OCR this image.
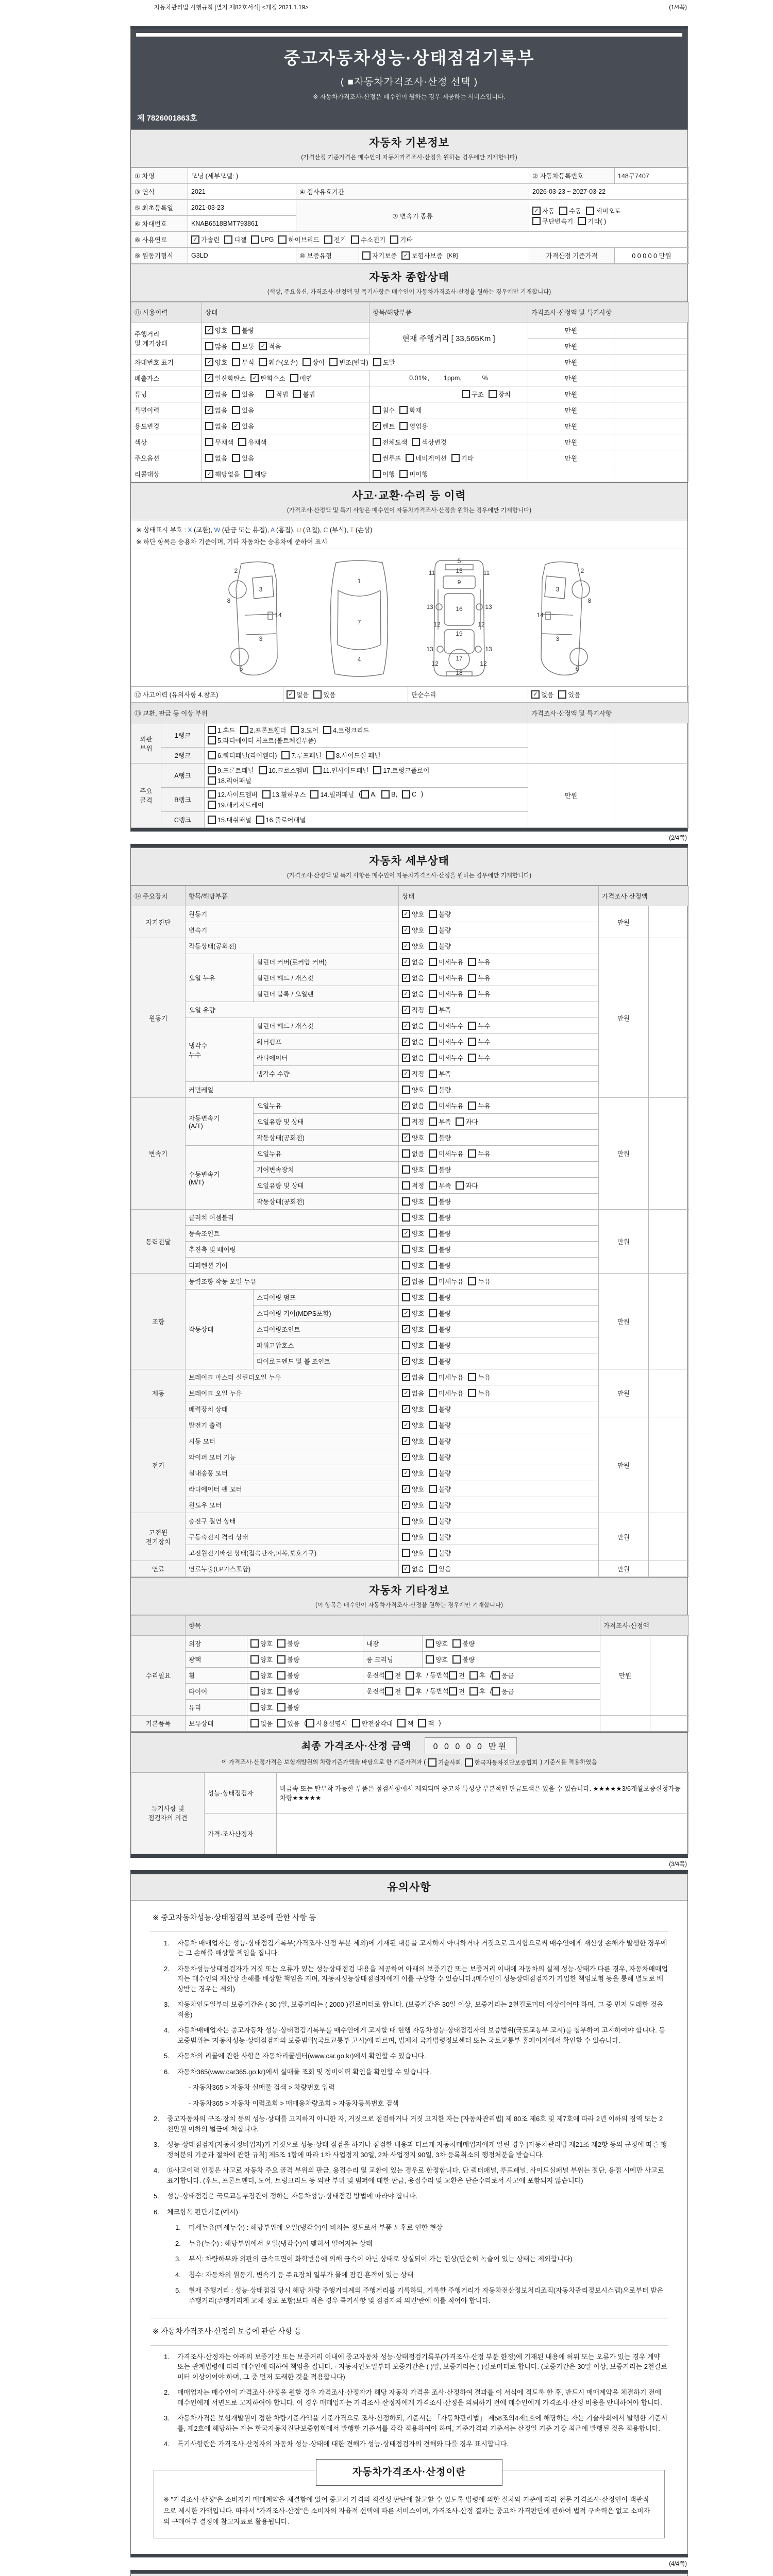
자동차관리법 시행규칙 [별지 제82호서식] <개정 2021.1.19>	(1/4쪽)
중고자동차성능·상태점검기록부
( ■자동차가격조사·산정 선택 )
※ 자동차가격조사·산정은 매수인이 원하는 경우 제공하는 서비스입니다.
제 7826001863호
자동차 기본정보
(가격산정 기준가격은 매수인이 자동차가격조사·산정을 원하는 경우에만 기재합니다)
① 차명	모닝 (세부모델: )			② 자동차등록번호	148구7407
③ 연식	2021	④ 검사유효기간		2026-03-23 ~ 2027-03-22	
⑤ 최초등록일	2021-03-23	⑦ 변속기 종류	
✓ 자동 수동 세미오토

무단변속기 기타( )

⑥ 차대번호	KNAB6518BMT793861				
⑧ 사용연료	✓ 가솔린 디젤 LPG 하이브리드 전기 수소전기 기타

⑨ 원동기형식	G3LD	⑩ 보증유형	자기보증 ✓ 보험사보증 [KB]	가격산정 기준가격	0 0 0 0 0 만원
자동차 종합상태
(색상, 주요옵션, 가격조사·산정액 및 특기사항은 매수인이 자동차가격조사·산정을 원하는 경우에만 기재합니다)
⑪ 사용이력	상태	항목/해당부품	가격조사·산정액 및 특기사항	
주행거리
및 계기상태	✓ 양호 불량	현재 주행거리 [ 33,565Km ]	만원	

	많음 보통 ✓ 적음		만원	
차대번호 표기	✓ 양호 부식 훼손(오손) 상이 변조(변타) 도말	만원	
배출가스	✓ 일산화탄소 ✓ 탄화수소 매연	0.01%, 1ppm, %	만원	
튜닝	✓ 없음 있음 적법 불법	구조 장치	만원	
특별이력	✓ 없음 있음	침수 화재	만원	
용도변경	없음 ✓ 있음	✓ 렌트 영업용	만원	
색상	무채색 유채색	전체도색 색상변경	만원	
주요옵션	없음 있음	썬루프 네비게이션 기타	만원	
리콜대상	✓ 해당없음 해당	이행 미이행		

사고·교환·수리 등 이력
(가격조사·산정액 및 특기 사항은 매수인이 자동차가격조사·산정을 원하는 경우에만 기재합니다)
※ 상태표시 부호 : X (교환), W (판금 또는 용접), A (흠집), U (요철), C (부식), T (손상)
※ 하단 항목은 승용차 기준이며, 기타 자동차는 승용차에 준하여 표시
2
8
3
14
3
6
1
7
4
5
9
11	11
15
16
13	13
12	12
19
13	13
12	12
17
18
2
8
3
14
3
6
⑫ 사고이력 (유의사항 4.참조)	✓ 없음 있음	단순수리	✓ 없음 있음
⑬ 교환, 판금 등 이상 부위			가격조사·산정액 및 특기사항	
외판
부위	1랭크	1.후드 2.프론트휀더 3.도어 4.트렁크리드

5.라디에이터 서포트(볼트체결부품)		

	2랭크	6.쿼터패널(리어휀더) 7.루프패널 8.사이드실 패널		

주요
골격	A랭크	9.프론트패널 10.크로스멤버 11.인사이드패널 17.트렁크플로어

18.리어패널	만원	
B랭크	
12.사이드멤버 13.휠하우스 14.필러패널 ( A, B, C )

19.패키지트레이

	C랭크	15.대쉬패널 16.플로어패널		
(2/4쪽)
자동차 세부상태
(가격조사·산정액 및 특기 사항은 매수인이 자동차가격조사·산정을 원하는 경우에만 기재합니다)
⑭ 주요장치	항목/해당부품		상태	가격조사·산정액	
자기진단	원동기		✓ 양호 불량	만원	
	변속기		✓ 양호 불량		

원동기	작동상태(공회전)		✓ 양호 불량	만원	
	오일 누유	실린더 커버(로커암 커버)	✓ 없음 미세누유 누유		

		실린더 헤드 / 개스킷	✓ 없음 미세누유 누유		

		실린더 블록 / 오일팬	✓ 없음 미세누유 누유		

	오일 유량		✓ 적정 부족		

	냉각수
누수	실린더 헤드 / 개스킷	✓ 없음 미세누수 누수		

		워터펌프	✓ 없음 미세누수 누수		

		라디에이터	✓ 없음 미세누수 누수		

		냉각수 수량	✓ 적정 부족		

	커먼레일		양호 불량		

변속기	자동변속기
(A/T)	오일누유	✓ 없음 미세누유 누유	만원	
		오일유량 및 상태	적정 부족 과다		

		작동상태(공회전)	✓ 양호 불량		

	수동변속기
(M/T)	오일누유	없음 미세누유 누유		

		기어변속장치	양호 불량		

		오일유량 및 상태	적정 부족 과다		

		작동상태(공회전)	양호 불량		

동력전달	클러치 어셈블리		양호 불량	만원	
	등속조인트		✓ 양호 불량		

	추진축 및 베어링		양호 불량		

	디퍼렌셜 기어		양호 불량		

조향	동력조향 작동 오일 누유		✓ 없음 미세누유 누유	만원	
	작동상태	스티어링 펌프	양호 불량		

		스티어링 기어(MDPS포함)	✓ 양호 불량		

		스티어링조인트	✓ 양호 불량		

		파워고압호스	양호 불량		

		타이로드엔드 및 볼 조인트	✓ 양호 불량		

제동	브레이크 마스터 실린더오일 누유		✓ 없음 미세누유 누유	만원	
	브레이크 오일 누유		✓ 없음 미세누유 누유		

	배력장치 상태		✓ 양호 불량		

전기	발전기 출력		✓ 양호 불량	만원	
	시동 모터		✓ 양호 불량		

	와이퍼 모터 기능		✓ 양호 불량		

	실내송풍 모터		✓ 양호 불량		

	라디에이터 팬 모터		✓ 양호 불량		

	윈도우 모터		✓ 양호 불량		

고전원
전기장치	충전구 절연 상태		양호 불량	만원	
	구동축전지 격리 상태		양호 불량		

	고전원전기배선 상태(접속단자,피복,보호기구)		양호 불량		

연료	연료누출(LP가스포함)		✓ 없음 있음	만원	
자동차 기타정보
(이 항목은 매수인이 자동차가격조사·산정을 원하는 경우에만 기재합니다)
	항목				가격조사·산정액	
수리필요	외장	양호 불량	내장	양호 불량	만원	
	광택	양호 불량	룸 크리닝	양호 불량		

휠	양호 불량	운전석 전 후 / 동반석 전 후 / 응급

타이어	양호 불량	운전석 전 후 / 동반석 전 후 / 응급

	유리	양호 불량				

기본품목	보유상태	없음 있음 ( 사용설명서 안전삼각대 잭 잭 )		
최종 가격조사·산정 금액	0 0 0 0 0 만원
이 가격조사·산정가격은 보험개발원의 차량기준가액을 바탕으로 한 기준가격과 ( 기술사회, 한국자동차진단보증협회 ) 기준서를 적용하였음
특기사항 및
점검자의 의견	성능·상태점검자	비금속 또는 탈부착 가능한 부품은 점검사항에서 제외되며 중고차 특성상 부분적인 판금도색은 있을 수 있습니다. ★★★★★3/6개월보증신청가능차량★★★★★
	가격·조사산정자	
(3/4쪽)
유의사항
※ 중고자동차성능·상태점검의 보증에 관한 사항 등
1.	자동차 매매업자는 성능·상태점검기록부(가격조사·산정 부분 제외)에 기재된 내용을 고지하지 아니하거나 거짓으로 고지함으로써 매수인에게 재산상 손해가 발생한 경우에는 그 손해를 배상할 책임을 집니다.
2.	자동차성능상태점검자가 거짓 또는 오류가 있는 성능상태점검 내용을 제공하여 아래의 보증기간 또는 보증거리 이내에 자동차의 실제 성능·상태가 다른 경우, 자동차매매업자는 매수인의 재산상 손해를 배상할 책임을 지며, 자동차성능상태점검자에게 이를 구상할 수 있습니다.(매수인이 성능상태점검자가 가입한 책임보험 등을 통해 별도로 배상받는 경우는 제외)
3.	자동차인도일부터 보증기간은 ( 30 )일, 보증거리는 ( 2000 )킬로미터로 합니다. (보증기간은 30일 이상, 보증거리는 2천킬로미터 이상이어야 하며, 그 중 먼저 도래한 것을 적용)
4.	자동차매매업자는 중고자동차 성능·상태점검기록부를 매수인에게 고지할 때 현행 자동차성능·상태점검자의 보증범위(국토교통부 고시)를 첨부하여 고지하여야 합니다. 동 보증범위는 '자동차성능·상태점검자의 보증범위'(국토교통부 고시)에 따르며, 법제처 국가법령정보센터 또는 국토교통부 홈페이지에서 확인할 수 있습니다.
5.	자동차의 리콜에 관한 사항은 자동차리콜센터(www.car.go.kr)에서 확인할 수 있습니다.
6.	자동차365(www.car365.go.kr)에서 실매물 조회 및 정비이력 확인을 확인할 수 있습니다.
- 자동차365 > 자동차 실매물 검색 > 차량번호 입력
- 자동차365 > 자동차 이력조회 > 매매용차량조회 > 자동차등록번호 검색
2.	중고자동차의 구조·장치 등의 성능·상태를 고지하지 아니한 자, 거짓으로 점검하거나 거짓 고지한 자는 [자동차관리법] 제 80조 제6호 및 제7호에 따라 2년 이하의 징역 또는 2천만원 이하의 벌금에 처합니다.
3.	성능·상태점검자(자동차정비업자)가 거짓으로 성능·상태 점검을 하거나 점검한 내용과 다르게 자동차매매업자에게 알린 경우 [자동차관리법 제21조 제2항 등의 규정에 따른 행정처분의 기준과 절차에 관한 규칙] 제5조 1항에 따라 1차 사업정지 30일, 2차 사업정지 90일, 3차 등록취소의 행정처분을 받습니다.
4.	⑫사고이력 인정은 사고로 자동차 주요 골격 부위의 판금, 용접수리 및 교환이 있는 경우로 한정합니다. 단 쿼터패널, 루프패널, 사이드실패널 부위는 절단, 용접 시에만 사고로 표기합니다. (후드, 프론트펜더, 도어, 트렁크리드 등 외판 부위 및 범퍼에 대한 판금, 용접수리 및 교환은 단순수리로서 사고에 포함되지 않습니다)
5.	성능·상태점검은 국토교통부장관이 정하는 자동차성능·상태점검 방법에 따라야 합니다.
6.	체크항목 판단기준(예시)
1.	미세누유(미세누수) : 해당부위에 오일(냉각수)이 비치는 정도로서 부품 노후로 인한 현상
2.	누유(누수) : 해당부위에서 오일(냉각수)이 맺혀서 떨어지는 상태
3.	부식: 차량하부와 외판의 금속표면이 화학반응에 의해 금속이 아닌 상태로 상실되어 가는 현상(단순히 녹슬어 있는 상태는 제외합니다)
4.	침수: 자동차의 원동기, 변속기 등 주요장치 일부가 물에 잠긴 흔적이 있는 상태
5.	현재 주행거리 : 성능·상태점검 당시 해당 차량 주행거리계의 주행거리를 기록하되, 기록한 주행거리가 자동차전산정보처리조직(자동차관리정보시스템)으로부터 받은 주행거리(주행거리계 교체 정보 포함)보다 적은 경우 특기사항 및 점검자의 의견'란에 이를 적어야 합니다.
※ 자동차가격조사·산정의 보증에 관한 사항 등
1.	가격조사·산정자는 아래의 보증기간 또는 보증거리 이내에 중고자동차 성능·상태점검기록부(가격조사·산정 부분 한정)에 기재된 내용에 허위 또는 오류가 있는 경우 계약 또는 관계법령에 따라 매수인에 대하여 책임을 집니다. · 자동차인도일부터 보증기간은 ( )일, 보증거리는 ( )킬로미터로 합니다. (보증기간은 30일 이상, 보증거리는 2천킬로미터 이상이어야 하며, 그 중 먼저 도래한 것을 적용합니다)
2.	매매업자는 매수인이 가격조사·산정을 원할 경우 가격조사·산정자가 해당 자동차 가격을 조사·산정하여 결과를 이 서식에 적도록 한 후, 반드시 매매계약을 체결하기 전에 매수인에게 서면으로 고지하여야 합니다. 이 경우 매매업자는 가격조사·산정자에게 가격조사·산정을 의뢰하기 전에 매수인에게 가격조사·산정 비용을 안내하여야 합니다.
3.	자동차가격은 보험개발원이 정한 차량기준가액을 기준가격으로 조사·산정하되, 기준서는 「자동차관리법」 제58조의4제1호에 해당하는 자는 기술사회에서 발행한 기준서를, 제2호에 해당하는 자는 한국자동차진단보증협회에서 발행한 기준서를 각각 적용하여야 하며, 기준가격과 기준서는 산정일 기준 가장 최근에 발행된 것을 적용합니다.
4.	특기사항란은 가격조사·산정자의 자동차 성능·상태에 대한 견해가 성능·상태점검자의 견해와 다를 경우 표시합니다.
자동차가격조사·산정이란
※ "가격조사·산정"은 소비자가 매매계약을 체결함에 있어 중고차 가격의 적절성 판단에 참고할 수 있도록 법령에 의한 절차와 기준에 따라 전문 가격조사·산정인이 객관적으로 제시한 가액입니다. 따라서 "가격조사·산정"은 소비자의 자율적 선택에 따른 서비스이며, 가격조사·산정 결과는 중고차 가격판단에 관하여 법적 구속력은 없고 소비자의 구매여부 결정에 참고자료로 활용됩니다.
(4/4쪽)
